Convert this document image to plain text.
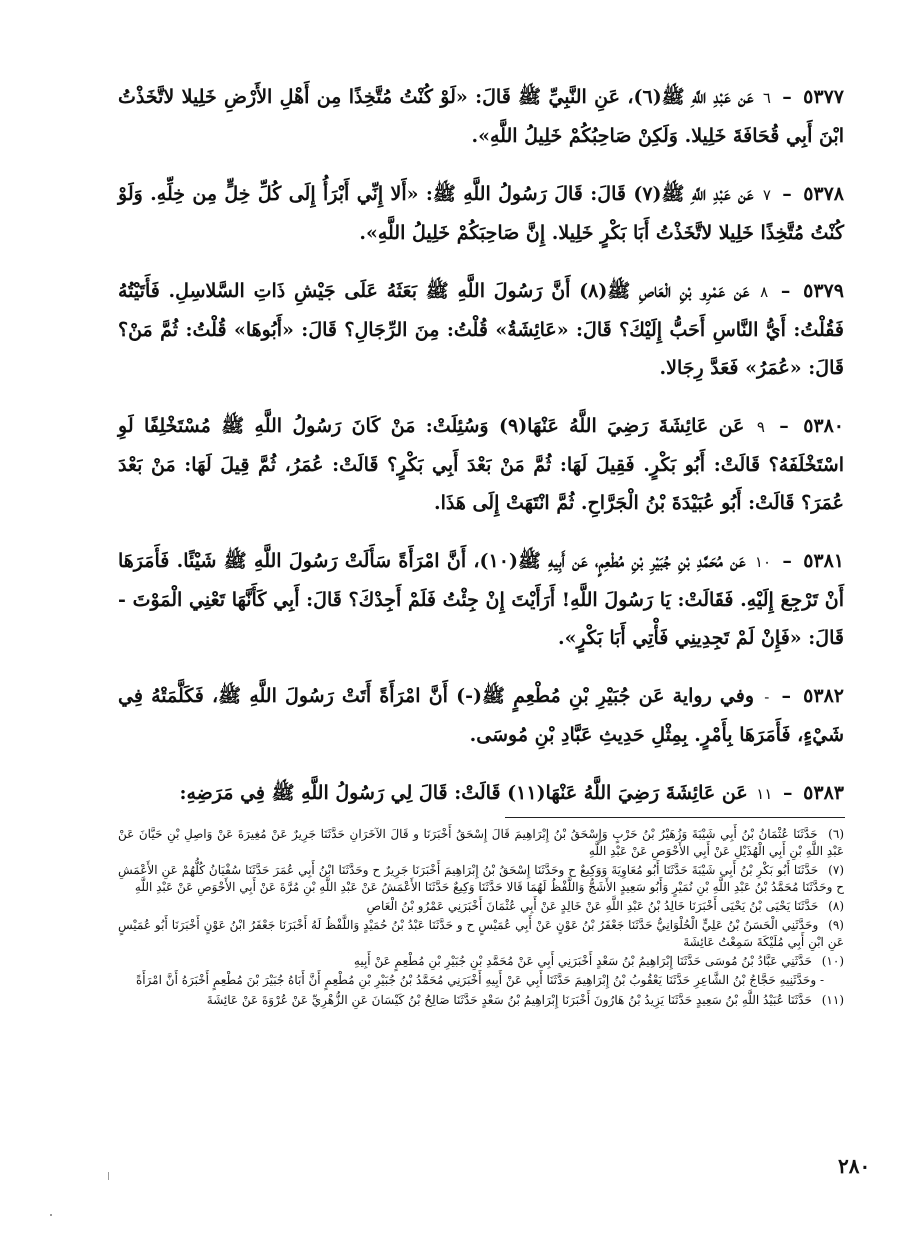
٥٣٧٧ – ٦ عَن عَبْدِ اللَّهِ ﷺ(٦)، عَنِ النَّبِيِّ ﷺ قَالَ: «لَوْ كُنْتُ مُتَّخِذًا مِن أَهْلِ الأَرْضِ خَلِيلا لاتَّخَذْتُ ابْنَ أَبِي قُحَافَةَ خَلِيلا. وَلَكِنْ صَاحِبُكُمْ خَلِيلُ اللَّهِ».

٥٣٧٨ – ٧ عَن عَبْدِ اللَّهِ ﷺ(٧) قَالَ: قَالَ رَسُولُ اللَّهِ ﷺ: «أَلا إِنِّي أَبْرَأُ إِلَى كُلِّ خِلٍّ مِن خِلِّهِ. وَلَوْ كُنْتُ مُتَّخِذًا خَلِيلا لاتَّخَذْتُ أَبَا بَكْرٍ خَلِيلا. إِنَّ صَاحِبَكُمْ خَلِيلُ اللَّهِ».

٥٣٧٩ – ٨ عَن عَمْرِو بْنِ الْعَاصِ ﷺ(٨) أَنَّ رَسُولَ اللَّهِ ﷺ بَعَثَهُ عَلَى جَيْشِ ذَاتِ السَّلاسِلِ. فَأَتَيْتُهُ فَقُلْتُ: أَيُّ النَّاسِ أَحَبُّ إِلَيْكَ؟ قَالَ: «عَائِشَةُ» قُلْتُ: مِنَ الرِّجَالِ؟ قَالَ: «أَبُوهَا» قُلْتُ: ثُمَّ مَنْ؟ قَالَ: «عُمَرُ» فَعَدَّ رِجَالا.

٥٣٨٠ – ٩ عَن عَائِشَةَ رَضِيَ اللَّهُ عَنْهَا(٩) وَسُئِلَتْ: مَنْ كَانَ رَسُولُ اللَّهِ ﷺ مُسْتَخْلِفًا لَوِ اسْتَخْلَفَهُ؟ قَالَتْ: أَبُو بَكْرٍ. فَقِيلَ لَهَا: ثُمَّ مَنْ بَعْدَ أَبِي بَكْرٍ؟ قَالَتْ: عُمَرُ، ثُمَّ قِيلَ لَهَا: مَنْ بَعْدَ عُمَرَ؟ قَالَتْ: أَبُو عُبَيْدَةَ بْنُ الْجَرَّاحِ. ثُمَّ انْتَهَتْ إِلَى هَذَا.

٥٣٨١ – ١٠ عَن مُحَمَّدِ بْنِ جُبَيْرِ بْنِ مُطْعِمٍ، عَن أَبِيهِ ﷺ(١٠)، أَنَّ امْرَأَةً سَأَلَتْ رَسُولَ اللَّهِ ﷺ شَيْئًا. فَأَمَرَهَا أَنْ تَرْجِعَ إِلَيْهِ. فَقَالَتْ: يَا رَسُولَ اللَّهِ! أَرَأَيْتَ إِنْ جِئْتُ فَلَمْ أَجِدْكَ؟ قَالَ: أَبِي كَأَنَّهَا تَعْنِي الْمَوْتَ - قَالَ: «فَإِنْ لَمْ تَجِدِينِي فَأْتِي أَبَا بَكْرٍ».

٥٣٨٢ – - وفي رواية عَن جُبَيْرِ بْنِ مُطْعِمٍ ﷺ(-) أَنَّ امْرَأَةً أَتَتْ رَسُولَ اللَّهِ ﷺ، فَكَلَّمَتْهُ فِي شَيْءٍ، فَأَمَرَهَا بِأَمْرٍ. بِمِثْلِ حَدِيثِ عَبَّادِ بْنِ مُوسَى.

٥٣٨٣ – ١١ عَن عَائِشَةَ رَضِيَ اللَّهُ عَنْهَا(١١) قَالَتْ: قَالَ لِي رَسُولُ اللَّهِ ﷺ فِي مَرَضِهِ:

(٦) حَدَّثَنَا عُثْمَانُ بْنُ أَبِي شَيْبَةَ وَزُهَيْرُ بْنُ حَرْبٍ وَإِسْحَقُ بْنُ إِبْرَاهِيمَ قَالَ إِسْحَقُ أَخْبَرَنَا و قَالَ الآخَرَانِ حَدَّثَنَا جَرِيرٌ عَنْ مُغِيرَةَ عَنْ وَاصِلِ بْنِ حَيَّانَ عَنْ عَبْدِ اللَّهِ بْنِ أَبِي الْهُذَيْلِ عَنْ أَبِي الأَحْوَصِ عَنْ عَبْدِ اللَّهِ

(٧) حَدَّثَنَا أَبُو بَكْرِ بْنُ أَبِي شَيْبَةَ حَدَّثَنَا أَبُو مُعَاوِيَةَ وَوَكِيعٌ ح وحَدَّثَنَا إِسْحَقُ بْنُ إِبْرَاهِيمَ أَخْبَرَنَا جَرِيرٌ ح وحَدَّثَنَا ابْنُ أَبِي عُمَرَ حَدَّثَنَا سُفْيَانُ كُلُّهُمْ عَنِ الأَعْمَشِ ح وحَدَّثَنَا مُحَمَّدُ بْنُ عَبْدِ اللَّهِ بْنِ نُمَيْرٍ وَأَبُو سَعِيدٍ الأَشَجُّ وَاللَّفْظُ لَهُمَا قَالا حَدَّثَنَا وَكِيعٌ حَدَّثَنَا الأَعْمَشُ عَنْ عَبْدِ اللَّهِ بْنِ مُرَّةَ عَنْ أَبِي الأَحْوَصِ عَنْ عَبْدِ اللَّهِ

(٨) حَدَّثَنَا يَحْيَى بْنُ يَحْيَى أَخْبَرَنَا خَالِدُ بْنُ عَبْدِ اللَّهِ عَنْ خَالِدٍ عَنْ أَبِي عُثْمَانَ أَخْبَرَنِي عَمْرُو بْنُ الْعَاصِ

(٩) وحَدَّثَنِي الْحَسَنُ بْنُ عَلِيٍّ الْحُلْوَانِيُّ حَدَّثَنَا جَعْفَرُ بْنُ عَوْنٍ عَنْ أَبِي عُمَيْسٍ ح و حَدَّثَنَا عَبْدُ بْنُ حُمَيْدٍ وَاللَّفْظُ لَهُ أَخْبَرَنَا جَعْفَرُ ابْنُ عَوْنٍ أَخْبَرَنَا أَبُو عُمَيْسٍ عَنِ ابْنِ أَبِي مُلَيْكَةَ سَمِعْتُ عَائِشَةَ

(١٠) حَدَّثَنِي عَبَّادُ بْنُ مُوسَى حَدَّثَنَا إِبْرَاهِيمُ بْنُ سَعْدٍ أَخْبَرَنِي أَبِي عَنْ مُحَمَّدِ بْنِ جُبَيْرِ بْنِ مُطْعِمٍ عَنْ أَبِيهِ

- وحَدَّثَنِيهِ حَجَّاجُ بْنُ الشَّاعِرِ حَدَّثَنَا يَعْقُوبُ بْنُ إِبْرَاهِيمَ حَدَّثَنَا أَبِي عَنْ أَبِيهِ أَخْبَرَنِي مُحَمَّدُ بْنُ جُبَيْرِ بْنِ مُطْعِمٍ أَنَّ أَبَاهُ جُبَيْرَ بْنَ مُطْعِمٍ أَخْبَرَهُ أَنَّ امْرَأَةً

(١١) حَدَّثَنَا عُبَيْدُ اللَّهِ بْنُ سَعِيدٍ حَدَّثَنَا يَزِيدُ بْنُ هَارُونَ أَخْبَرَنَا إِبْرَاهِيمُ بْنُ سَعْدٍ حَدَّثَنَا صَالِحُ بْنُ كَيْسَانَ عَنِ الزُّهْرِيِّ عَنْ عُرْوَةَ عَنْ عَائِشَةَ

٢٨٠
